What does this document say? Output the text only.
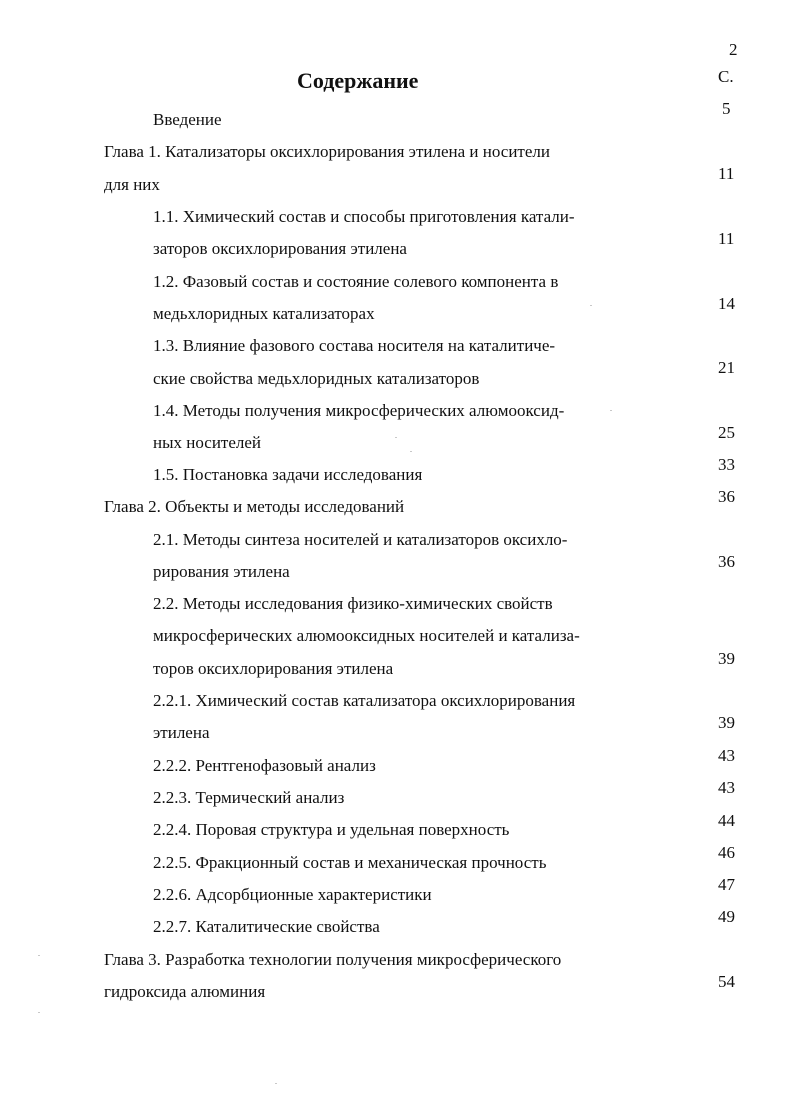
2
Содержание	С.
Введение
5
Глава 1. Катализаторы оксихлорирования этилена и носители
для них
11
1.1. Химический состав и способы приготовления катали-
заторов оксихлорирования этилена
11
1.2. Фазовый состав и состояние солевого компонента в
медьхлоридных катализаторах
14
1.3. Влияние фазового состава носителя на каталитиче-
ские свойства медьхлоридных катализаторов
21
1.4. Методы получения микросферических алюмооксид-
ных носителей
25
1.5. Постановка задачи исследования
33
Глава 2. Объекты и методы исследований
36
2.1. Методы синтеза носителей и катализаторов оксихло-
рирования этилена
36
2.2. Методы исследования физико-химических свойств
микросферических алюмооксидных носителей и катализа-
торов оксихлорирования этилена
39
2.2.1. Химический состав катализатора оксихлорирования
этилена
39
2.2.2. Рентгенофазовый анализ
43
2.2.3. Термический анализ
43
2.2.4. Поровая структура и удельная поверхность	44
2.2.5. Фракционный состав и механическая прочность
46
2.2.6. Адсорбционные характеристики
47
2.2.7. Каталитические свойства
49
Глава 3. Разработка технологии получения микросферического
гидроксида алюминия
54
